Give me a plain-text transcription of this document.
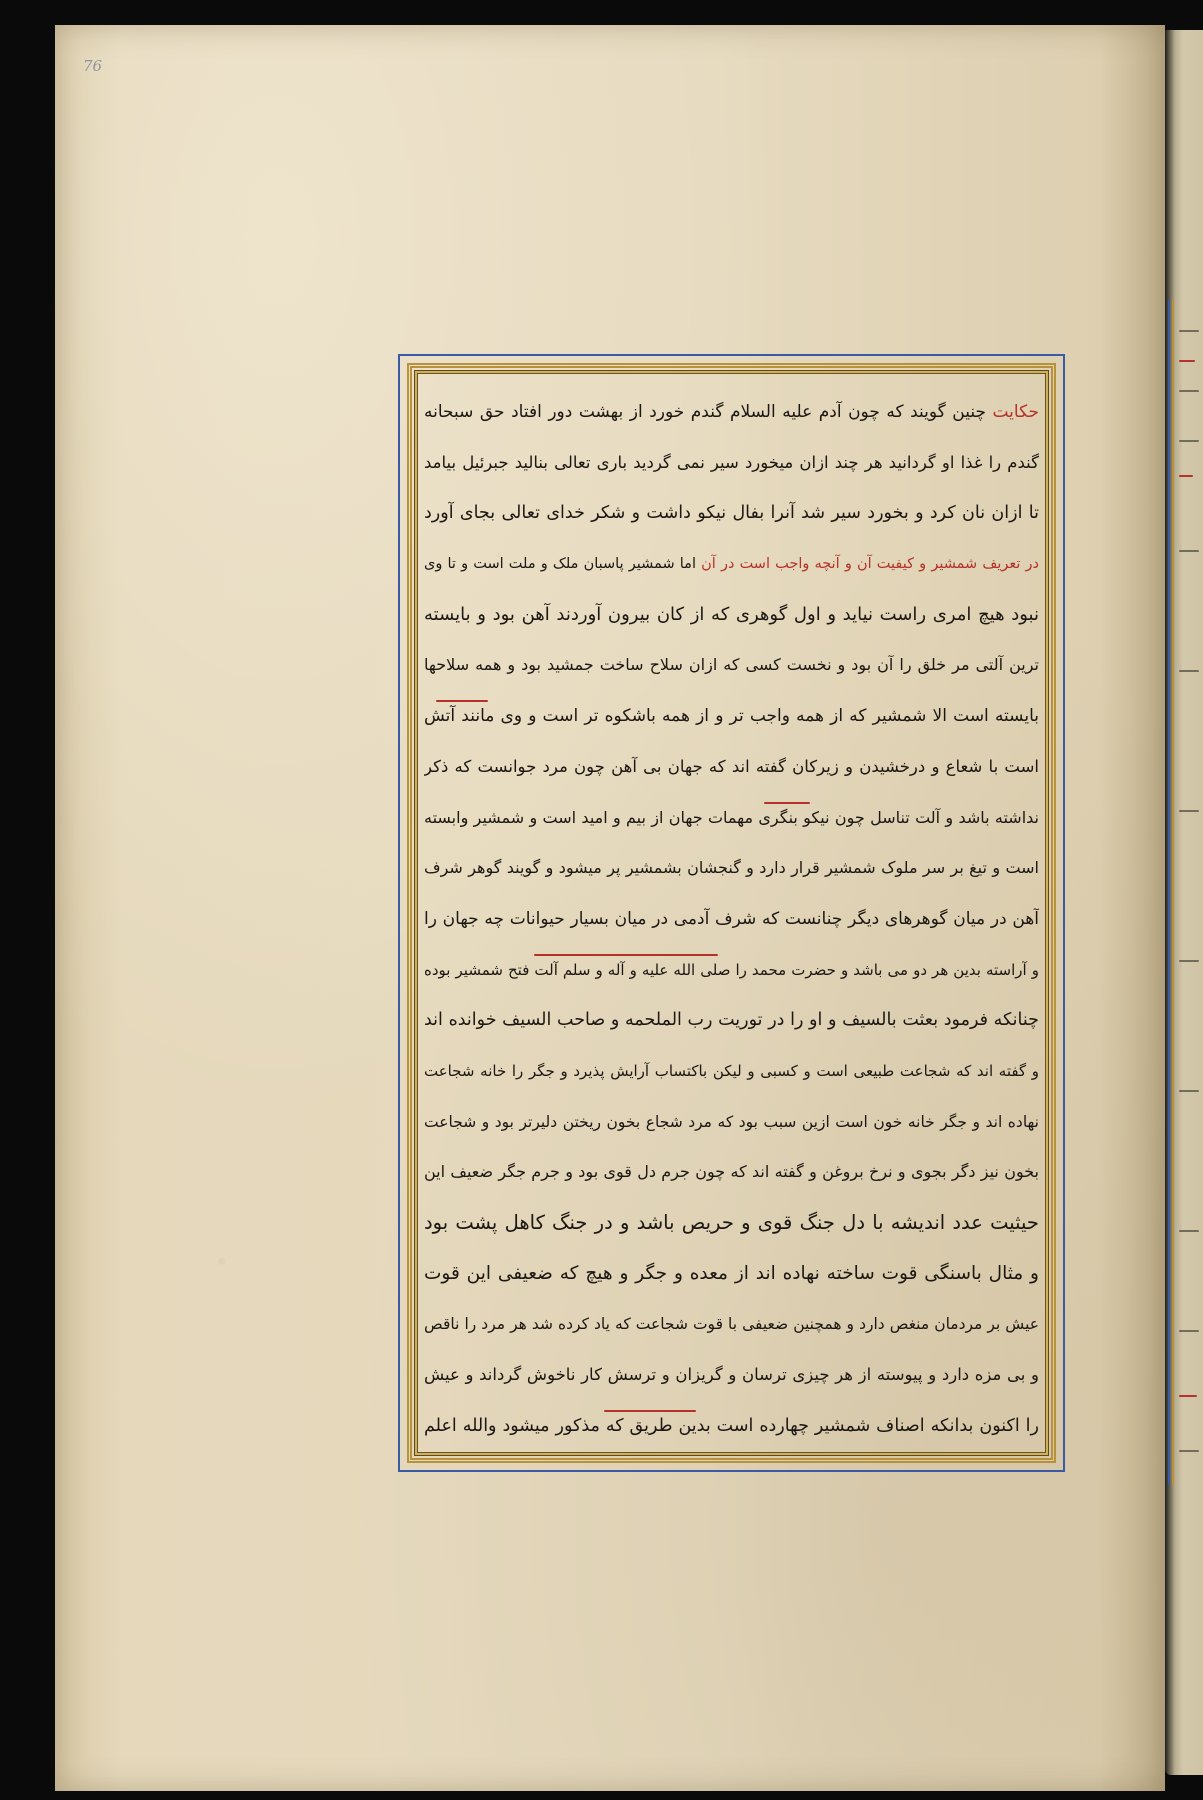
76
حکایت چنین گویند که چون آدم علیه السلام گندم خورد از بهشت دور افتاد حق سبحانه
گندم را غذا او گردانید هر چند ازان میخورد سیر نمی گردید باری تعالی بنالید جبرئیل بیامد
تا ازان نان کرد و بخورد سیر شد آنرا بفال نیکو داشت و شکر خدای تعالی بجای آورد
در تعریف شمشیر و کیفیت آن و آنچه واجب است در آن اما شمشیر پاسبان ملک و ملت است و تا وی
نبود هیچ امری راست نیاید و اول گوهری که از کان بیرون آوردند آهن بود و بایسته
ترین آلتی مر خلق را آن بود و نخست کسی که ازان سلاح ساخت جمشید بود و همه سلاحها
بایسته است الا شمشیر که از همه واجب تر و از همه باشکوه تر است و وی مانند آتش
است با شعاع و درخشیدن و زیرکان گفته اند که جهان بی آهن چون مرد جوانست که ذکر
نداشته باشد و آلت تناسل چون نیکو بنگری مهمات جهان از بیم و امید است و شمشیر وابسته
است و تیغ بر سر ملوک شمشیر قرار دارد و گنجشان بشمشیر پر میشود و گویند گوهر شرف
آهن در میان گوهرهای دیگر چنانست که شرف آدمی در میان بسیار حیوانات چه جهان را
و آراسته بدین هر دو می باشد و حضرت محمد را صلی الله علیه و آله و سلم آلت فتح شمشیر بوده
چنانکه فرمود بعثت بالسیف و او را در توریت رب الملحمه و صاحب السیف خوانده اند
و گفته اند که شجاعت طبیعی است و کسبی و لیکن باکتساب آرایش پذیرد و جگر را خانه شجاعت
نهاده اند و جگر خانه خون است ازین سبب بود که مرد شجاع بخون ریختن دلیرتر بود و شجاعت
بخون نیز دگر بجوی و نرخ بروغن و گفته اند که چون جرم دل قوی بود و جرم جگر ضعیف این
حیثیت عدد اندیشه با دل جنگ قوی و حریص باشد و در جنگ کاهل پشت بود
و مثال باسنگی قوت ساخته نهاده اند از معده و جگر و هیچ که ضعیفی این قوت
عیش بر مردمان منغص دارد و همچنین ضعیفی با قوت شجاعت که یاد کرده شد هر مرد را ناقص
و بی مزه دارد و پیوسته از هر چیزی ترسان و گریزان و ترسش کار ناخوش گرداند و عیش
را اکنون بدانکه اصناف شمشیر چهارده است بدین طریق که مذکور میشود والله اعلم
